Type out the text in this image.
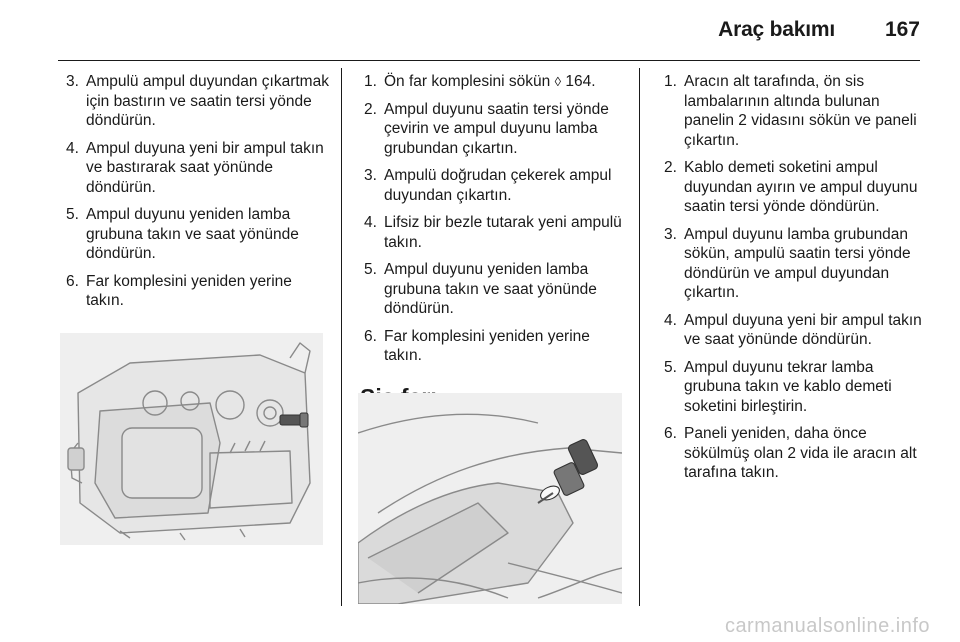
Araç bakımı 167
3. Ampulü ampul duyundan çıkartmak için bastırın ve saatin tersi yönde döndürün.
4. Ampul duyuna yeni bir ampul takın ve bastırarak saat yönünde döndürün.
5. Ampul duyunu yeniden lamba grubuna takın ve saat yönünde döndürün.
6. Far komplesini yeniden yerine takın.
1. Ön far komplesini sökün ◊ 164.
2. Ampul duyunu saatin tersi yönde çevirin ve ampul duyunu lamba grubundan çıkartın.
3. Ampulü doğrudan çekerek ampul duyundan çıkartın.
4. Lifsiz bir bezle tutarak yeni ampulü takın.
5. Ampul duyunu yeniden lamba grubuna takın ve saat yönünde döndürün.
6. Far komplesini yeniden yerine takın.
1. Aracın alt tarafında, ön sis lambalarının altında bulunan panelin 2 vidasını sökün ve paneli çıkartın.
2. Kablo demeti soketini ampul duyundan ayırın ve ampul duyunu saatin tersi yönde döndürün.
3. Ampul duyunu lamba grubundan sökün, ampulü saatin tersi yönde döndürün ve ampul duyundan çıkartın.
4. Ampul duyuna yeni bir ampul takın ve saat yönünde döndürün.
5. Ampul duyunu tekrar lamba grubuna takın ve kablo demeti soketini birleştirin.
6. Paneli yeniden, daha önce sökülmüş olan 2 vida ile aracın alt tarafına takın.
carmanualsonline.info
